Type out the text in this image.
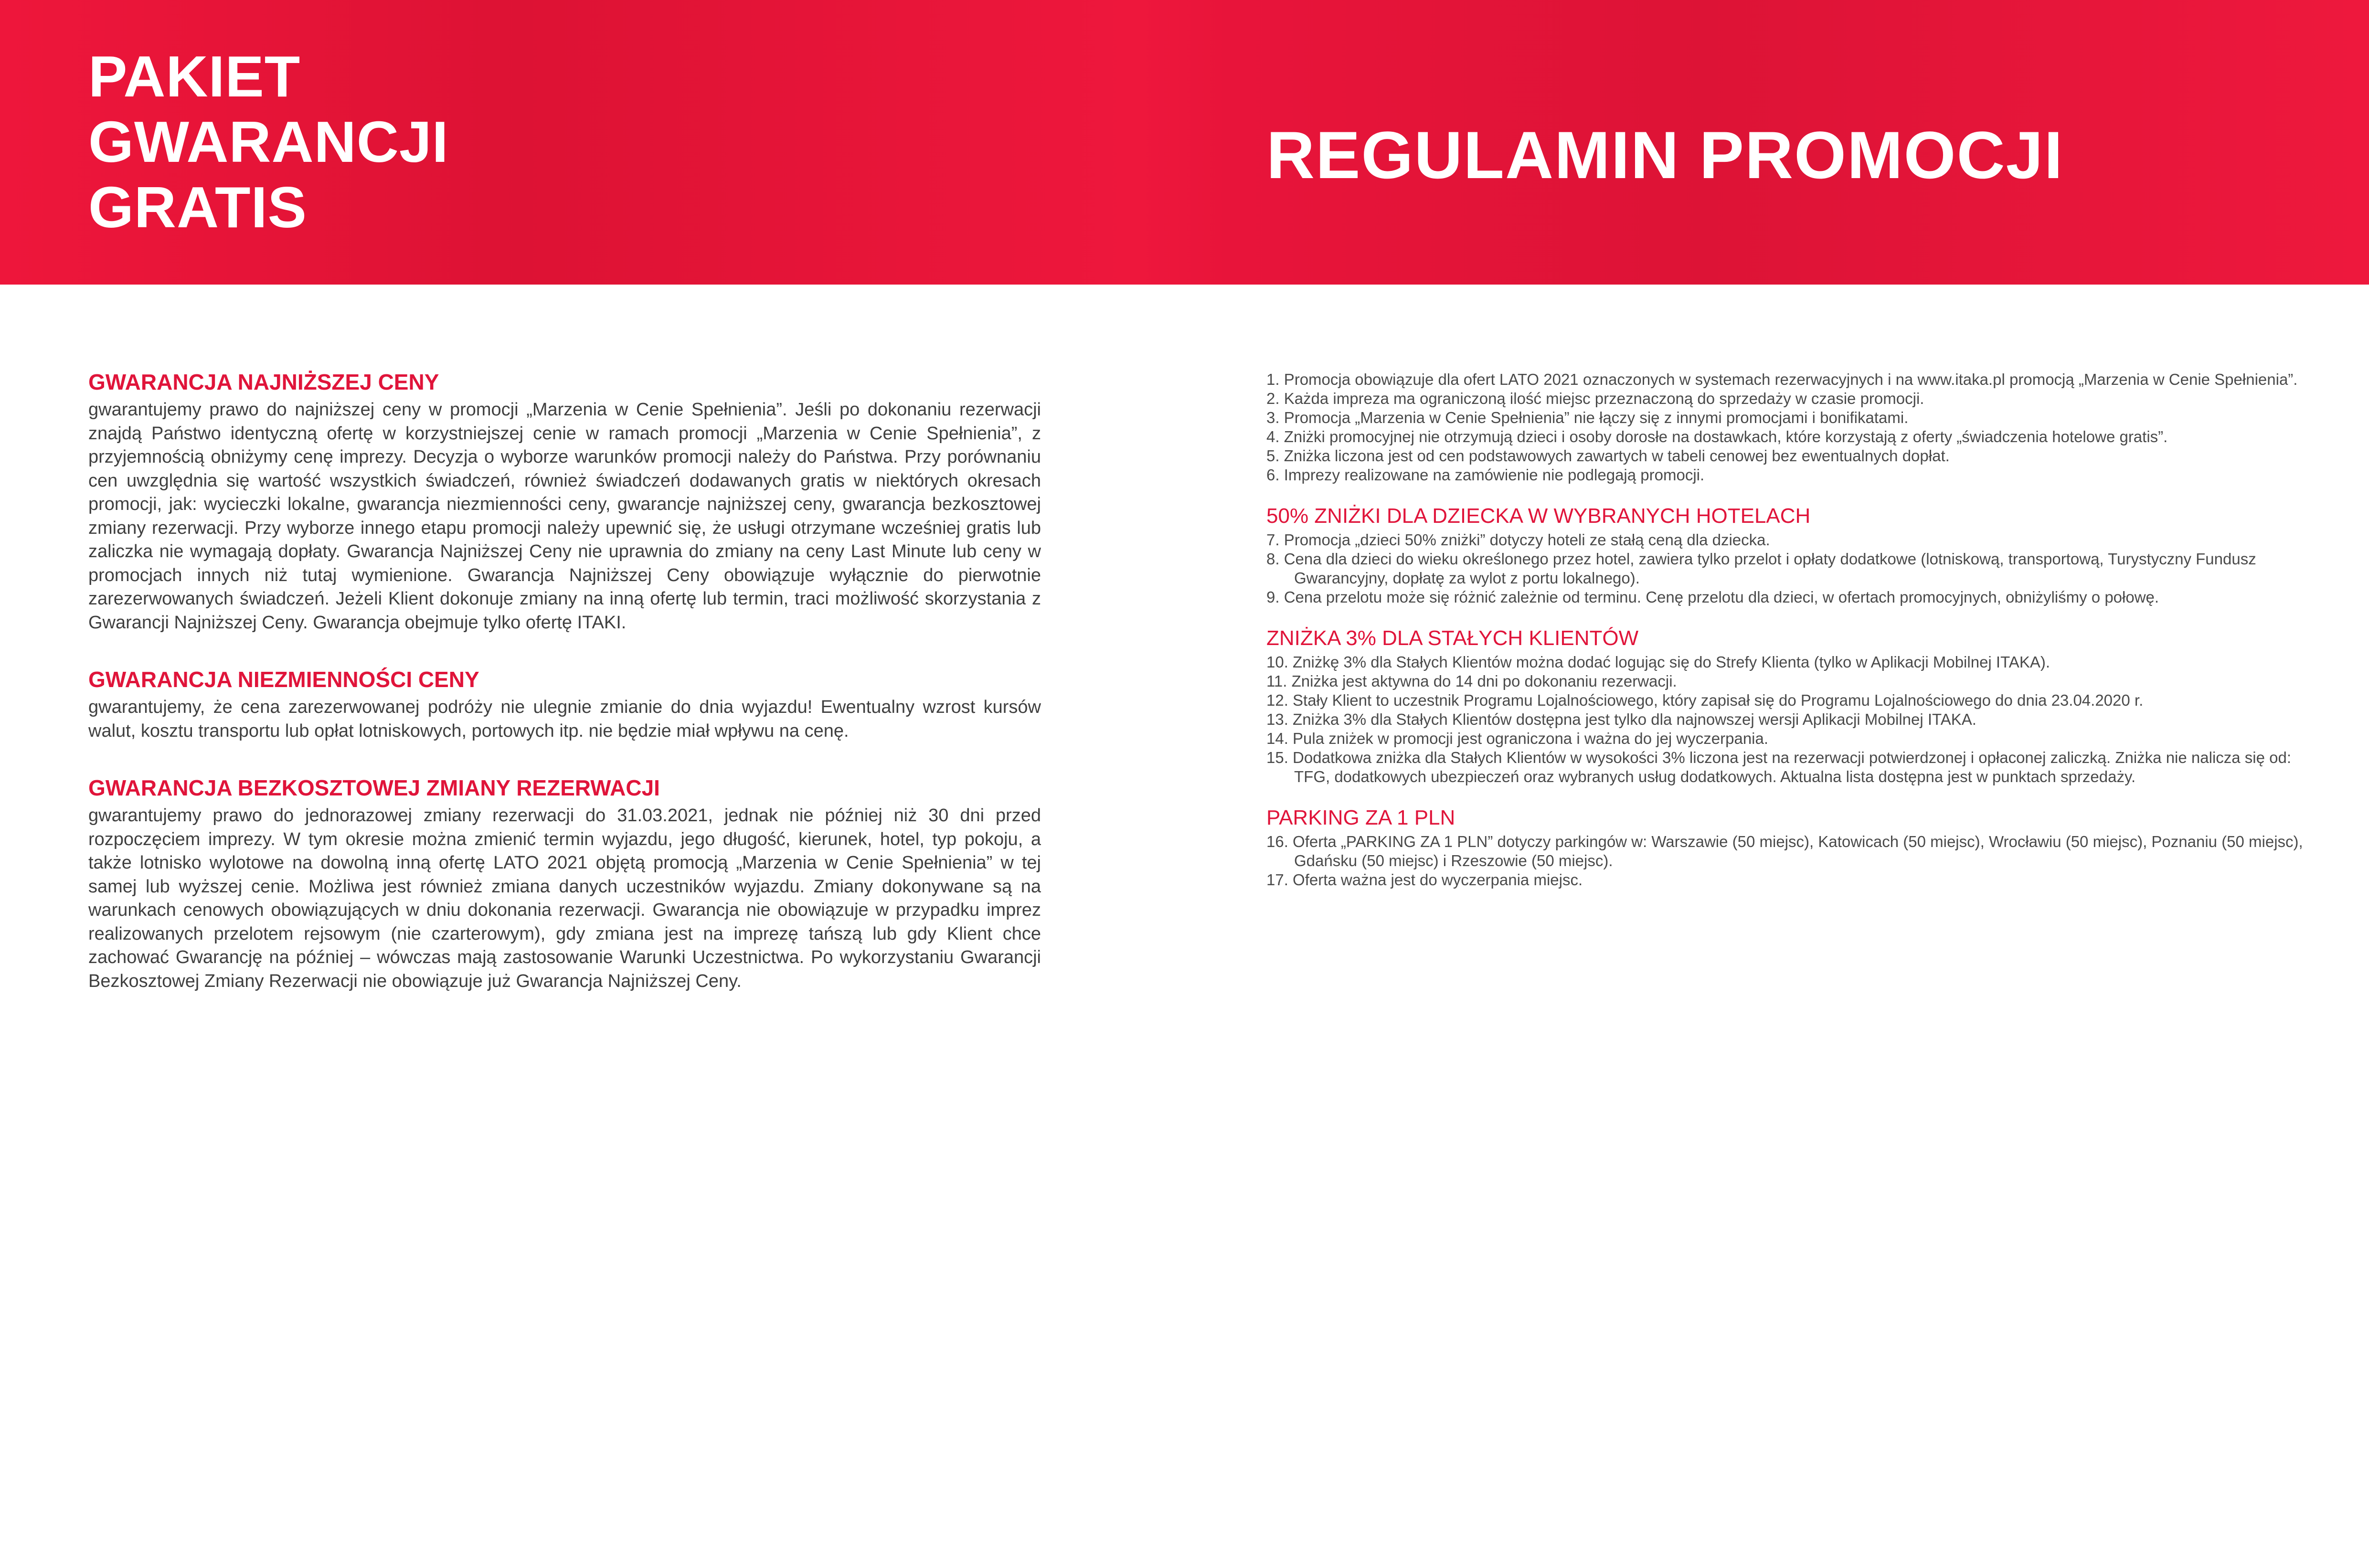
PAKIET
GWARANCJI
GRATIS
REGULAMIN PROMOCJI
GWARANCJA NAJNIŻSZEJ CENY

gwarantujemy prawo do najniższej ceny w promocji „Marzenia w Cenie Spełnienia”. Jeśli po dokonaniu rezerwacji znajdą Państwo identyczną ofertę w korzystniejszej cenie w ramach promocji „Marzenia w Cenie Spełnienia”, z przyjemnością obniżymy cenę imprezy. Decyzja o wyborze warunków promocji należy do Państwa. Przy porównaniu cen uwzględnia się wartość wszystkich świadczeń, również świadczeń dodawanych gratis w niektórych okresach promocji, jak: wycieczki lokalne, gwarancja niezmienności ceny, gwarancje najniższej ceny, gwarancja bezkosztowej zmiany rezerwacji. Przy wyborze innego etapu promocji należy upewnić się, że usługi otrzymane wcześniej gratis lub zaliczka nie wymagają dopłaty. Gwarancja Najniższej Ceny nie uprawnia do zmiany na ceny Last Minute lub ceny w promocjach innych niż tutaj wymienione. Gwarancja Najniższej Ceny obowiązuje wyłącznie do pierwotnie zarezerwowanych świadczeń. Jeżeli Klient dokonuje zmiany na inną ofertę lub termin, traci możliwość skorzystania z Gwarancji Najniższej Ceny. Gwarancja obejmuje tylko ofertę ITAKI.

GWARANCJA NIEZMIENNOŚCI CENY

gwarantujemy, że cena zarezerwowanej podróży nie ulegnie zmianie do dnia wyjazdu! Ewentualny wzrost kursów walut, kosztu transportu lub opłat lotniskowych, portowych itp. nie będzie miał wpływu na cenę.

GWARANCJA BEZKOSZTOWEJ ZMIANY REZERWACJI

gwarantujemy prawo do jednorazowej zmiany rezerwacji do 31.03.2021, jednak nie później niż 30 dni przed rozpoczęciem imprezy. W tym okresie można zmienić termin wyjazdu, jego długość, kierunek, hotel, typ pokoju, a także lotnisko wylotowe na dowolną inną ofertę LATO 2021 objętą promocją „Marzenia w Cenie Spełnienia” w tej samej lub wyższej cenie. Możliwa jest również zmiana danych uczestników wyjazdu. Zmiany dokonywane są na warunkach cenowych obowiązujących w dniu dokonania rezerwacji. Gwarancja nie obowiązuje w przypadku imprez realizowanych przelotem rejsowym (nie czarterowym), gdy zmiana jest na imprezę tańszą lub gdy Klient chce zachować Gwarancję na później – wówczas mają zastosowanie Warunki Uczestnictwa. Po wykorzystaniu Gwarancji Bezkosztowej Zmiany Rezerwacji nie obowiązuje już Gwarancja Najniższej Ceny.

1. Promocja obowiązuje dla ofert LATO 2021 oznaczonych w systemach rezerwacyjnych i na www.itaka.pl promocją „Marzenia w Cenie Spełnienia”.
2. Każda impreza ma ograniczoną ilość miejsc przeznaczoną do sprzedaży w czasie promocji.
3. Promocja „Marzenia w Cenie Spełnienia” nie łączy się z innymi promocjami i bonifikatami.
4. Zniżki promocyjnej nie otrzymują dzieci i osoby dorosłe na dostawkach, które korzystają z oferty „świadczenia hotelowe gratis”.
5. Zniżka liczona jest od cen podstawowych zawartych w tabeli cenowej bez ewentualnych dopłat.
6. Imprezy realizowane na zamówienie nie podlegają promocji.
50% ZNIŻKI DLA DZIECKA W WYBRANYCH HOTELACH
7. Promocja „dzieci 50% zniżki” dotyczy hoteli ze stałą ceną dla dziecka.
8. Cena dla dzieci do wieku określonego przez hotel, zawiera tylko przelot i opłaty dodatkowe (lotniskową, transportową, Turystyczny Fundusz Gwarancyjny, dopłatę za wylot z portu lokalnego).
9. Cena przelotu może się różnić zależnie od terminu. Cenę przelotu dla dzieci, w ofertach promocyjnych, obniżyliśmy o połowę.
ZNIŻKA 3% DLA STAŁYCH KLIENTÓW
10. Zniżkę 3% dla Stałych Klientów można dodać logując się do Strefy Klienta (tylko w Aplikacji Mobilnej ITAKA).
11. Zniżka jest aktywna do 14 dni po dokonaniu rezerwacji.
12. Stały Klient to uczestnik Programu Lojalnościowego, który zapisał się do Programu Lojalnościowego do dnia 23.04.2020 r.
13. Zniżka 3% dla Stałych Klientów dostępna jest tylko dla najnowszej wersji Aplikacji Mobilnej ITAKA.
14. Pula zniżek w promocji jest ograniczona i ważna do jej wyczerpania.
15. Dodatkowa zniżka dla Stałych Klientów w wysokości 3% liczona jest na rezerwacji potwierdzonej i opłaconej zaliczką. Zniżka nie nalicza się od: TFG, dodatkowych ubezpieczeń oraz wybranych usług dodatkowych. Aktualna lista dostępna jest w punktach sprzedaży.
PARKING ZA 1 PLN
16. Oferta „PARKING ZA 1 PLN” dotyczy parkingów w: Warszawie (50 miejsc), Katowicach (50 miejsc), Wrocławiu (50 miejsc), Poznaniu (50 miejsc), Gdańsku (50 miejsc) i Rzeszowie (50 miejsc).
17. Oferta ważna jest do wyczerpania miejsc.
